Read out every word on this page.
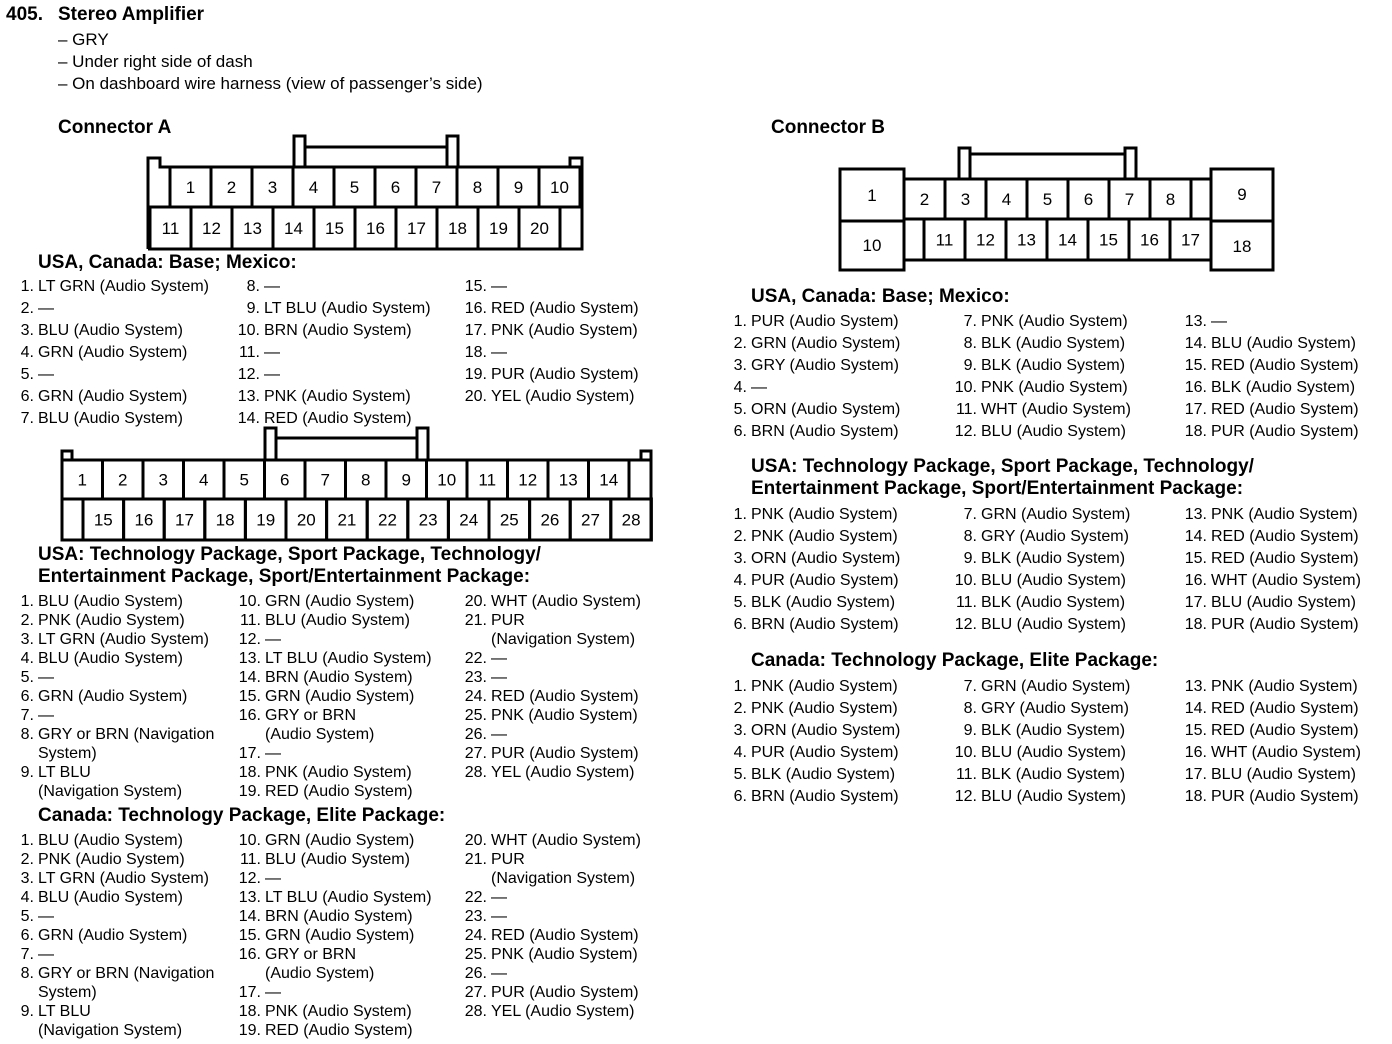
405. Stereo Amplifier
– GRY
– Under right side of dash
– On dashboard wire harness (view of passenger’s side)
Connector A	Connector B
1 2 3 4 5 6 7 8 9 10
11 12 13 14 15 16 17 18 19 20
1 2 3 4 5 6 7 8 9 10 11 12 13 14
15 16 17 18 19 20 21 22 23 24 25 26 27 28
1
10
9
18
2 3 4 5 6 7 8
11 12 13 14 15 16 17
USA, Canada: Base; Mexico:
1. LT GRN (Audio System)
2. —
3. BLU (Audio System)
4. GRN (Audio System)
5. —
6. GRN (Audio System)
7. BLU (Audio System)
8. —
9. LT BLU (Audio System)
10. BRN (Audio System)
11. —
12. —
13. PNK (Audio System)
14. RED (Audio System)
15. —
16. RED (Audio System)
17. PNK (Audio System)
18. —
19. PUR (Audio System)
20. YEL (Audio System)
USA: Technology Package, Sport Package, Technology/
Entertainment Package, Sport/Entertainment Package:
1. BLU (Audio System)
2. PNK (Audio System)
3. LT GRN (Audio System)
4. BLU (Audio System)
5. —
6. GRN (Audio System)
7. —
8. GRY or BRN (Navigation
System)
9. LT BLU
(Navigation System)
10. GRN (Audio System)
11. BLU (Audio System)
12. —
13. LT BLU (Audio System)
14. BRN (Audio System)
15. GRN (Audio System)
16. GRY or BRN
(Audio System)
17. —
18. PNK (Audio System)
19. RED (Audio System)
20. WHT (Audio System)
21. PUR
(Navigation System)
22. —
23. —
24. RED (Audio System)
25. PNK (Audio System)
26. —
27. PUR (Audio System)
28. YEL (Audio System)
Canada: Technology Package, Elite Package:
1. BLU (Audio System)
2. PNK (Audio System)
3. LT GRN (Audio System)
4. BLU (Audio System)
5. —
6. GRN (Audio System)
7. —
8. GRY or BRN (Navigation
System)
9. LT BLU
(Navigation System)
10. GRN (Audio System)
11. BLU (Audio System)
12. —
13. LT BLU (Audio System)
14. BRN (Audio System)
15. GRN (Audio System)
16. GRY or BRN
(Audio System)
17. —
18. PNK (Audio System)
19. RED (Audio System)
20. WHT (Audio System)
21. PUR
(Navigation System)
22. —
23. —
24. RED (Audio System)
25. PNK (Audio System)
26. —
27. PUR (Audio System)
28. YEL (Audio System)
USA, Canada: Base; Mexico:
1. PUR (Audio System)
2. GRN (Audio System)
3. GRY (Audio System)
4. —
5. ORN (Audio System)
6. BRN (Audio System)
7. PNK (Audio System)
8. BLK (Audio System)
9. BLK (Audio System)
10. PNK (Audio System)
11. WHT (Audio System)
12. BLU (Audio System)
13. —
14. BLU (Audio System)
15. RED (Audio System)
16. BLK (Audio System)
17. RED (Audio System)
18. PUR (Audio System)
USA: Technology Package, Sport Package, Technology/
Entertainment Package, Sport/Entertainment Package:
1. PNK (Audio System)
2. PNK (Audio System)
3. ORN (Audio System)
4. PUR (Audio System)
5. BLK (Audio System)
6. BRN (Audio System)
7. GRN (Audio System)
8. GRY (Audio System)
9. BLK (Audio System)
10. BLU (Audio System)
11. BLK (Audio System)
12. BLU (Audio System)
13. PNK (Audio System)
14. RED (Audio System)
15. RED (Audio System)
16. WHT (Audio System)
17. BLU (Audio System)
18. PUR (Audio System)
Canada: Technology Package, Elite Package:
1. PNK (Audio System)
2. PNK (Audio System)
3. ORN (Audio System)
4. PUR (Audio System)
5. BLK (Audio System)
6. BRN (Audio System)
7. GRN (Audio System)
8. GRY (Audio System)
9. BLK (Audio System)
10. BLU (Audio System)
11. BLK (Audio System)
12. BLU (Audio System)
13. PNK (Audio System)
14. RED (Audio System)
15. RED (Audio System)
16. WHT (Audio System)
17. BLU (Audio System)
18. PUR (Audio System)
